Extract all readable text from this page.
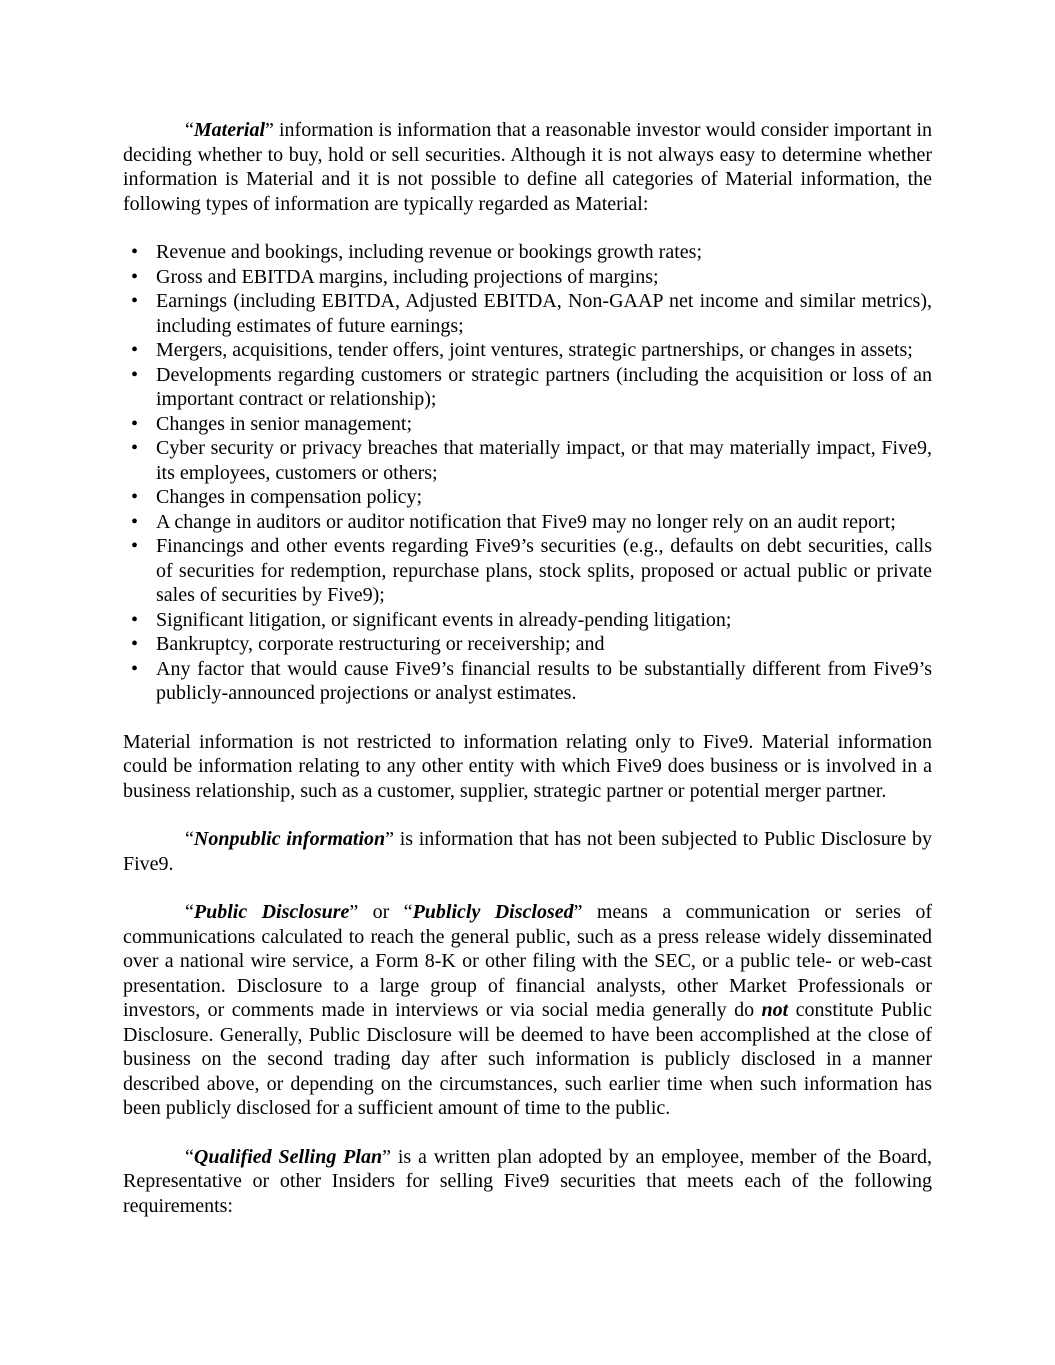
“Material” information is information that a reasonable investor would consider important in deciding whether to buy, hold or sell securities. Although it is not always easy to determine whether information is Material and it is not possible to define all categories of Material information, the following types of information are typically regarded as Material:

• Revenue and bookings, including revenue or bookings growth rates;
• Gross and EBITDA margins, including projections of margins;
• Earnings (including EBITDA, Adjusted EBITDA, Non-GAAP net income and similar metrics), including estimates of future earnings;
• Mergers, acquisitions, tender offers, joint ventures, strategic partnerships, or changes in assets;
• Developments regarding customers or strategic partners (including the acquisition or loss of an important contract or relationship);
• Changes in senior management;
• Cyber security or privacy breaches that materially impact, or that may materially impact, Five9, its employees, customers or others;
• Changes in compensation policy;
• A change in auditors or auditor notification that Five9 may no longer rely on an audit report;
• Financings and other events regarding Five9’s securities (e.g., defaults on debt securities, calls of securities for redemption, repurchase plans, stock splits, proposed or actual public or private sales of securities by Five9);
• Significant litigation, or significant events in already-pending litigation;
• Bankruptcy, corporate restructuring or receivership; and
• Any factor that would cause Five9’s financial results to be substantially different from Five9’s publicly-announced projections or analyst estimates.

Material information is not restricted to information relating only to Five9. Material information could be information relating to any other entity with which Five9 does business or is involved in a business relationship, such as a customer, supplier, strategic partner or potential merger partner.

“Nonpublic information” is information that has not been subjected to Public Disclosure by Five9.

“Public Disclosure” or “Publicly Disclosed” means a communication or series of communications calculated to reach the general public, such as a press release widely disseminated over a national wire service, a Form 8-K or other filing with the SEC, or a public tele- or web-cast presentation. Disclosure to a large group of financial analysts, other Market Professionals or investors, or comments made in interviews or via social media generally do not constitute Public Disclosure. Generally, Public Disclosure will be deemed to have been accomplished at the close of business on the second trading day after such information is publicly disclosed in a manner described above, or depending on the circumstances, such earlier time when such information has been publicly disclosed for a sufficient amount of time to the public.

“Qualified Selling Plan” is a written plan adopted by an employee, member of the Board, Representative or other Insiders for selling Five9 securities that meets each of the following requirements:
